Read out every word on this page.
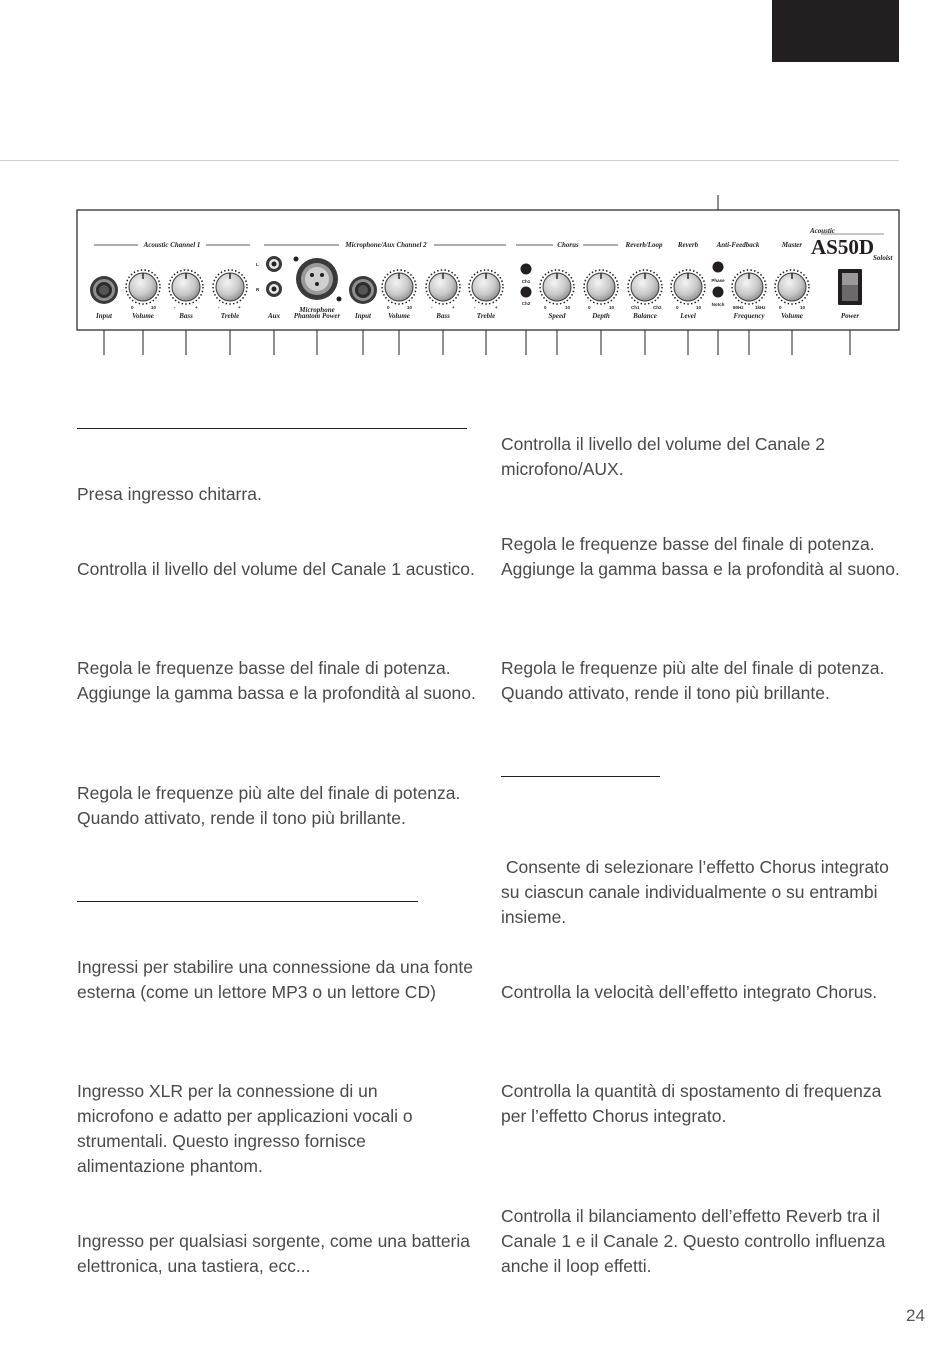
Acoustic Channel 1	Microphone/Aux Channel 2	Chorus	Reverb/Loop Reverb	Anti-Feedback	Master
Acoustic
AS50D
Soloist
L
R
Ch1
Ch2
Phase
Notch
0	10	-	+	-	+	0	10	-	+	-	+	0	10	0	10	Ch1	Ch2	0	10	80Hz	1kHz	0	10
Microphone
Phantom Power
Input	Volume	Bass	Treble	Aux	Input Volume	Bass	Treble	Speed	Depth	Balance	Level	Frequency Volume	Power

Presa ingresso chitarra.

Controlla il livello del volume del Canale 1 acustico.

Regola le frequenze basse del finale di potenza. Aggiunge la gamma bassa e la profondità al suono.

Regola le frequenze più alte del finale di potenza. Quando attivato, rende il tono più brillante.

Ingressi per stabilire una connessione da una fonte esterna (come un lettore MP3 o un lettore CD)

Ingresso XLR per la connessione di un microfono e adatto per applicazioni vocali o strumentali. Questo ingresso fornisce alimentazione phantom.

Ingresso per qualsiasi sorgente, come una batteria elettronica, una tastiera, ecc...

Controlla il livello del volume del Canale 2 microfono/AUX.

Regola le frequenze basse del finale di potenza. Aggiunge la gamma bassa e la profondità al suono.

Regola le frequenze più alte del finale di potenza. Quando attivato, rende il tono più brillante.

Consente di selezionare l’effetto Chorus integrato su ciascun canale individualmente o su entrambi insieme.

Controlla la velocità dell’effetto integrato Chorus.

Controlla la quantità di spostamento di frequenza per l’effetto Chorus integrato.

Controlla il bilanciamento dell’effetto Reverb tra il Canale 1 e il Canale 2. Questo controllo influenza anche il loop effetti.

24
